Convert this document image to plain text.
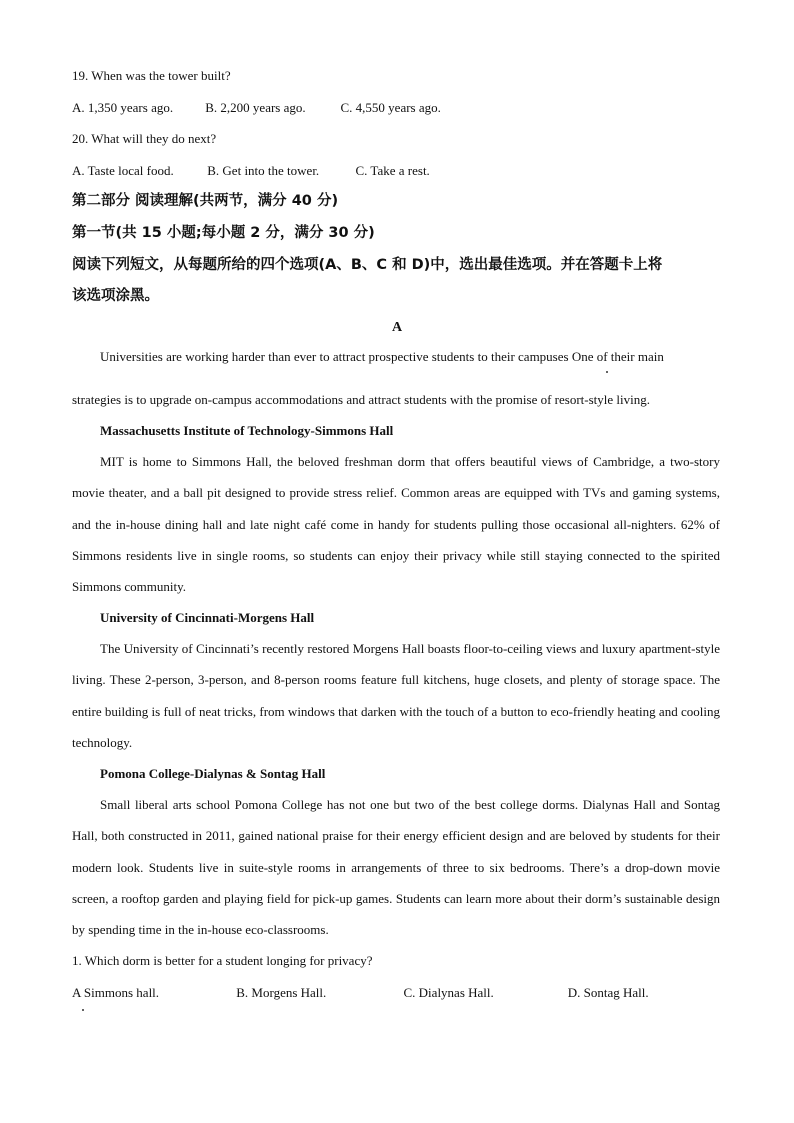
19. When was the tower built?
A. 1,350 years ago. B. 2,200 years ago.	C. 4,550 years ago.
20. What will they do next?
A. Taste local food.	B. Get into the tower.	C. Take a rest.
第二部分 阅读理解(共两节，满分 40 分)
第一节(共 15 小题;每小题 2 分，满分 30 分)
阅读下列短文，从每题所给的四个选项(A、B、C 和 D)中，选出最佳选项。并在答题卡上将
该选项涂黑。
A
Universities are working harder than ever to attract prospective students to their campuses One of their main
strategies is to upgrade on-campus accommodations and attract students with the promise of resort-style living.
Massachusetts Institute of Technology-Simmons Hall
MIT is home to Simmons Hall, the beloved freshman dorm that offers beautiful views of Cambridge, a two-story movie theater, and a ball pit designed to provide stress relief. Common areas are equipped with TVs and gaming systems, and the in-house dining hall and late night café come in handy for students pulling those occasional all-nighters. 62% of Simmons residents live in single rooms, so students can enjoy their privacy while still staying connected to the spirited Simmons community.
University of Cincinnati-Morgens Hall
The University of Cincinnati’s recently restored Morgens Hall boasts floor-to-ceiling views and luxury apartment-style living. These 2-person, 3-person, and 8-person rooms feature full kitchens, huge closets, and plenty of storage space. The entire building is full of neat tricks, from windows that darken with the touch of a button to eco-friendly heating and cooling technology.
Pomona College-Dialynas & Sontag Hall
Small liberal arts school Pomona College has not one but two of the best college dorms. Dialynas Hall and Sontag Hall, both constructed in 2011, gained national praise for their energy efficient design and are beloved by students for their modern look. Students live in suite-style rooms in arrangements of three to six bedrooms. There’s a drop-down movie screen, a rooftop garden and playing field for pick-up games. Students can learn more about their dorm’s sustainable design by spending time in the in-house eco-classrooms.
1. Which dorm is better for a student longing for privacy?
A Simmons hall.	B. Morgens Hall.	C. Dialynas Hall.	D. Sontag Hall.
